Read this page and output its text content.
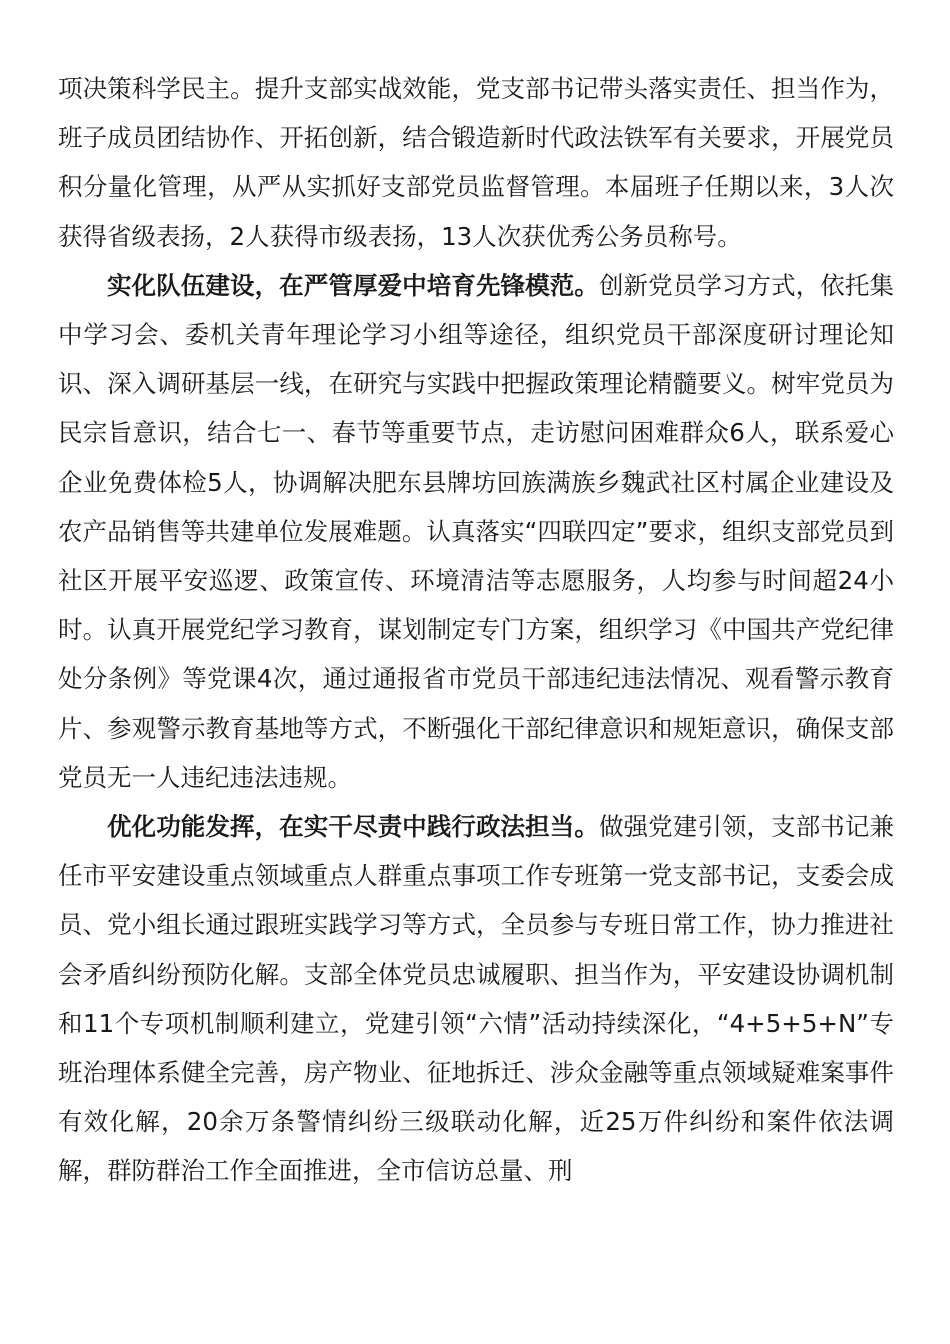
项决策科学民主。提升支部实战效能，党支部书记带头落实责任、担当作为，班子成员团结协作、开拓创新，结合锻造新时代政法铁军有关要求，开展党员积分量化管理，从严从实抓好支部党员监督管理。本届班子任期以来，3人次获得省级表扬，2人获得市级表扬，13人次获优秀公务员称号。

实化队伍建设，在严管厚爱中培育先锋模范。创新党员学习方式，依托集中学习会、委机关青年理论学习小组等途径，组织党员干部深度研讨理论知识、深入调研基层一线，在研究与实践中把握政策理论精髓要义。树牢党员为民宗旨意识，结合七一、春节等重要节点，走访慰问困难群众6人，联系爱心企业免费体检5人，协调解决肥东县牌坊回族满族乡魏武社区村属企业建设及农产品销售等共建单位发展难题。认真落实“四联四定”要求，组织支部党员到社区开展平安巡逻、政策宣传、环境清洁等志愿服务，人均参与时间超24小时。认真开展党纪学习教育，谋划制定专门方案，组织学习《中国共产党纪律处分条例》等党课4次，通过通报省市党员干部违纪违法情况、观看警示教育片、参观警示教育基地等方式，不断强化干部纪律意识和规矩意识，确保支部党员无一人违纪违法违规。

优化功能发挥，在实干尽责中践行政法担当。做强党建引领，支部书记兼任市平安建设重点领域重点人群重点事项工作专班第一党支部书记，支委会成员、党小组长通过跟班实践学习等方式，全员参与专班日常工作，协力推进社会矛盾纠纷预防化解。支部全体党员忠诚履职、担当作为，平安建设协调机制和11个专项机制顺利建立，党建引领“六情”活动持续深化，“4+5+5+N”专班治理体系健全完善，房产物业、征地拆迁、涉众金融等重点领域疑难案事件有效化解，20余万条警情纠纷三级联动化解，近25万件纠纷和案件依法调解，群防群治工作全面推进，全市信访总量、刑
